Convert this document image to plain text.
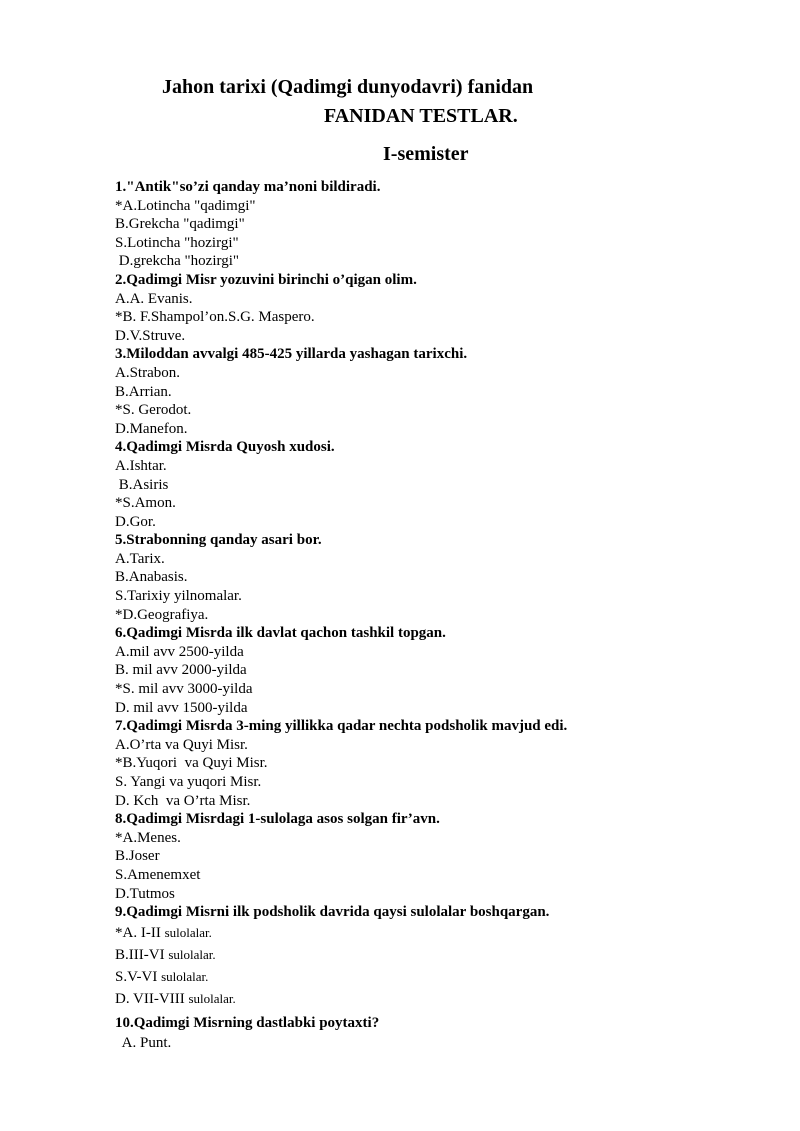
Jahon tarixi (Qadimgi dunyodavri) fanidan
FANIDAN TESTLAR.
I-semister
1."Antik"so’zi qanday ma’noni bildiradi.
*A.Lotincha "qadimgi"
B.Grekcha "qadimgi"
S.Lotincha "hozirgi"
D.grekcha "hozirgi"
2.Qadimgi Misr yozuvini birinchi o’qigan olim.
A.A. Evanis.
*B. F.Shampol’on.S.G. Maspero.
D.V.Struve.
3.Miloddan avvalgi 485-425 yillarda yashagan tarixchi.
A.Strabon.
B.Arrian.
*S. Gerodot.
D.Manefon.
4.Qadimgi Misrda Quyosh xudosi.
A.Ishtar.
B.Asiris
*S.Amon.
D.Gor.
5.Strabonning qanday asari bor.
A.Tarix.
B.Anabasis.
S.Tarixiy yilnomalar.
*D.Geografiya.
6.Qadimgi Misrda ilk davlat qachon tashkil topgan.
A.mil avv 2500-yilda
B. mil avv 2000-yilda
*S. mil avv 3000-yilda
D. mil avv 1500-yilda
7.Qadimgi Misrda 3-ming yillikka qadar nechta podsholik mavjud edi.
A.O’rta va Quyi Misr.
*B.Yuqori  va Quyi Misr.
S. Yangi va yuqori Misr.
D. Kch  va O’rta Misr.
8.Qadimgi Misrdagi 1-sulolaga asos solgan fir’avn.
*A.Menes.
B.Joser
S.Amenemxet
D.Tutmos
9.Qadimgi Misrni ilk podsholik davrida qaysi sulolalar boshqargan.
*A. I-II sulolalar.
B.III-VI sulolalar.
S.V-VI sulolalar.
D. VII-VIII sulolalar.
10.Qadimgi Misrning dastlabki poytaxti?
A. Punt.
